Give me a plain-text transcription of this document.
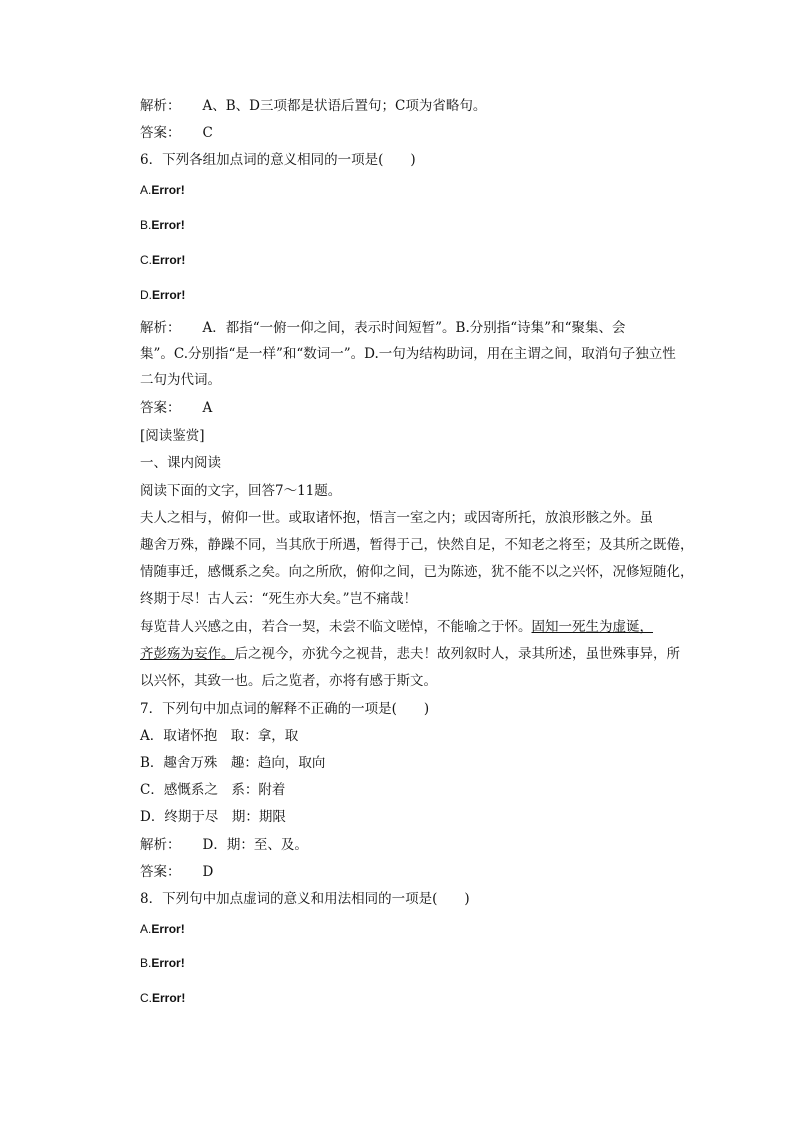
解析： A、B、D三项都是状语后置句；C项为省略句。
答案： C
6．下列各组加点词的意义相同的一项是(　　)
A.Error!
B.Error!
C.Error!
D.Error!
解析： A．都指“一俯一仰之间，表示时间短暂”。B.分别指“诗集”和“聚集、会
集”。C.分别指“是一样”和“数词一”。D.一句为结构助词，用在主谓之间，取消句子独立性
二句为代词。
答案： A
[阅读鉴赏]
一、课内阅读
阅读下面的文字，回答7～11题。
夫人之相与，俯仰一世。或取诸怀抱，悟言一室之内；或因寄所托，放浪形骸之外。虽
趣舍万殊，静躁不同，当其欣于所遇，暂得于己，快然自足，不知老之将至；及其所之既倦，
情随事迁，感慨系之矣。向之所欣，俯仰之间，已为陈迹，犹不能不以之兴怀，况修短随化，
终期于尽！古人云：“死生亦大矣。”岂不痛哉！
每览昔人兴感之由，若合一契，未尝不临文嗟悼，不能喻之于怀。固知一死生为虚诞，
齐彭殇为妄作。后之视今，亦犹今之视昔，悲夫！故列叙时人，录其所述，虽世殊事异，所
以兴怀，其致一也。后之览者，亦将有感于斯文。
7．下列句中加点词的解释不正确的一项是(　　)
A．取诸怀抱　取：拿，取
B．趣舍万殊　趣：趋向，取向
C．感慨系之　系：附着
D．终期于尽　期：期限
解析： D．期：至、及。
答案： D
8．下列句中加点虚词的意义和用法相同的一项是(　　)
A.Error!
B.Error!
C.Error!
